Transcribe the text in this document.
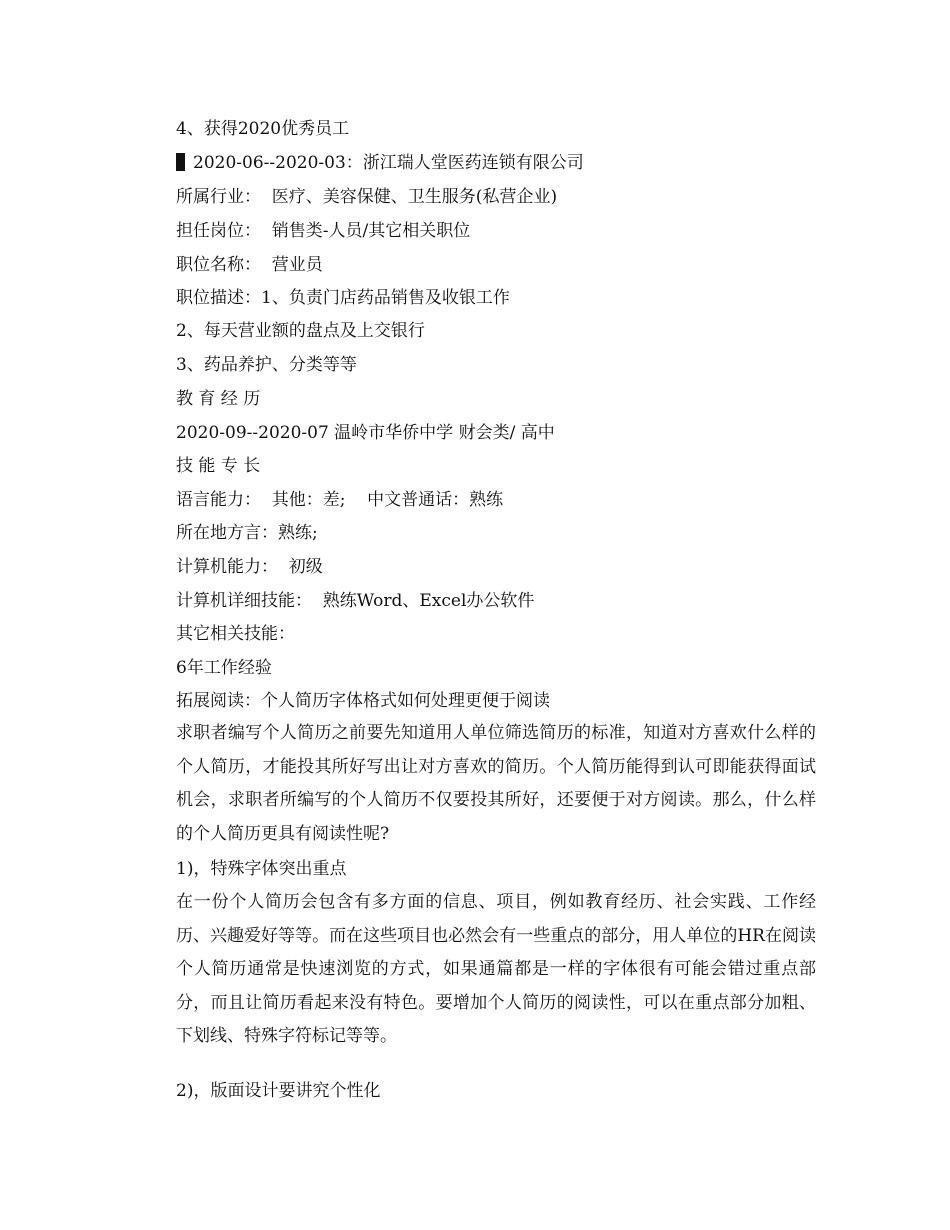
4、获得2020优秀员工
2020-06--2020-03：浙江瑞人堂医药连锁有限公司
所属行业：  医疗、美容保健、卫生服务(私营企业)
担任岗位：  销售类-人员/其它相关职位
职位名称：  营业员
职位描述：1、负责门店药品销售及收银工作
2、每天营业额的盘点及上交银行
3、药品养护、分类等等
教 育 经 历
2020-09--2020-07 温岭市华侨中学 财会类/ 高中
技 能 专 长
语言能力：  其他：差;    中文普通话：熟练
所在地方言：熟练;
计算机能力：  初级
计算机详细技能：  熟练Word、Excel办公软件
其它相关技能：
6年工作经验
拓展阅读：个人简历字体格式如何处理更便于阅读
求职者编写个人简历之前要先知道用人单位筛选简历的标准，知道对方喜欢什么样的个人简历，才能投其所好写出让对方喜欢的简历。个人简历能得到认可即能获得面试机会，求职者所编写的个人简历不仅要投其所好，还要便于对方阅读。那么，什么样的个人简历更具有阅读性呢?
1)，特殊字体突出重点
在一份个人简历会包含有多方面的信息、项目，例如教育经历、社会实践、工作经历、兴趣爱好等等。而在这些项目也必然会有一些重点的部分，用人单位的HR在阅读个人简历通常是快速浏览的方式，如果通篇都是一样的字体很有可能会错过重点部分，而且让简历看起来没有特色。要增加个人简历的阅读性，可以在重点部分加粗、下划线、特殊字符标记等等。
2)，版面设计要讲究个性化
